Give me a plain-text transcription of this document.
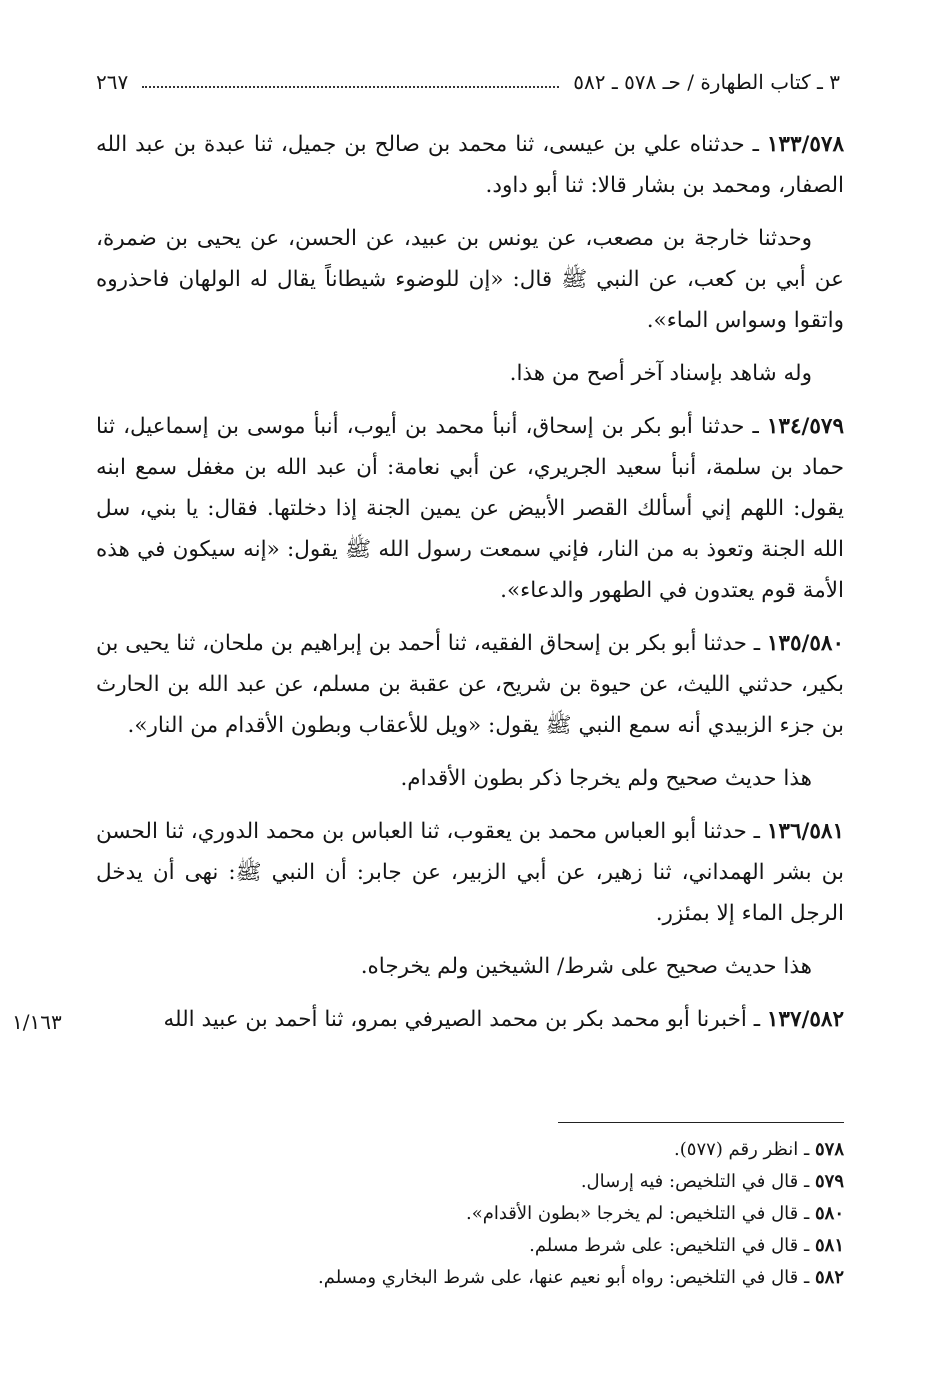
٣ ـ كتاب الطهارة / حـ ٥٧٨ ـ ٥٨٢
٢٦٧

١٣٣/٥٧٨ ـ حدثناه علي بن عيسى، ثنا محمد بن صالح بن جميل، ثنا عبدة بن عبد الله الصفار، ومحمد بن بشار قالا: ثنا أبو داود.

وحدثنا خارجة بن مصعب، عن يونس بن عبيد، عن الحسن، عن يحيى بن ضمرة، عن أبي بن كعب، عن النبي ﷺ قال: «إن للوضوء شيطاناً يقال له الولهان فاحذروه واتقوا وسواس الماء».

وله شاهد بإسناد آخر أصح من هذا.

١٣٤/٥٧٩ ـ حدثنا أبو بكر بن إسحاق، أنبأ محمد بن أيوب، أنبأ موسى بن إسماعيل، ثنا حماد بن سلمة، أنبأ سعيد الجريري، عن أبي نعامة: أن عبد الله بن مغفل سمع ابنه يقول: اللهم إني أسألك القصر الأبيض عن يمين الجنة إذا دخلتها. فقال: يا بني، سل الله الجنة وتعوذ به من النار، فإني سمعت رسول الله ﷺ يقول: «إنه سيكون في هذه الأمة قوم يعتدون في الطهور والدعاء».

١٣٥/٥٨٠ ـ حدثنا أبو بكر بن إسحاق الفقيه، ثنا أحمد بن إبراهيم بن ملحان، ثنا يحيى بن بكير، حدثني الليث، عن حيوة بن شريح، عن عقبة بن مسلم، عن عبد الله بن الحارث بن جزء الزبيدي أنه سمع النبي ﷺ يقول: «ويل للأعقاب وبطون الأقدام من النار».

هذا حديث صحيح ولم يخرجا ذكر بطون الأقدام.

١٣٦/٥٨١ ـ حدثنا أبو العباس محمد بن يعقوب، ثنا العباس بن محمد الدوري، ثنا الحسن بن بشر الهمداني، ثنا زهير، عن أبي الزبير، عن جابر: أن النبي ﷺ: نهى أن يدخل الرجل الماء إلا بمئزر.

هذا حديث صحيح على شرط/ الشيخين ولم يخرجاه.

١٣٧/٥٨٢ ـ أخبرنا أبو محمد بكر بن محمد الصيرفي بمرو، ثنا أحمد بن عبيد الله

١/١٦٣

٥٧٨ ـ انظر رقم (٥٧٧).

٥٧٩ ـ قال في التلخيص: فيه إرسال.

٥٨٠ ـ قال في التلخيص: لم يخرجا «بطون الأقدام».

٥٨١ ـ قال في التلخيص: على شرط مسلم.

٥٨٢ ـ قال في التلخيص: رواه أبو نعيم عنها، على شرط البخاري ومسلم.
